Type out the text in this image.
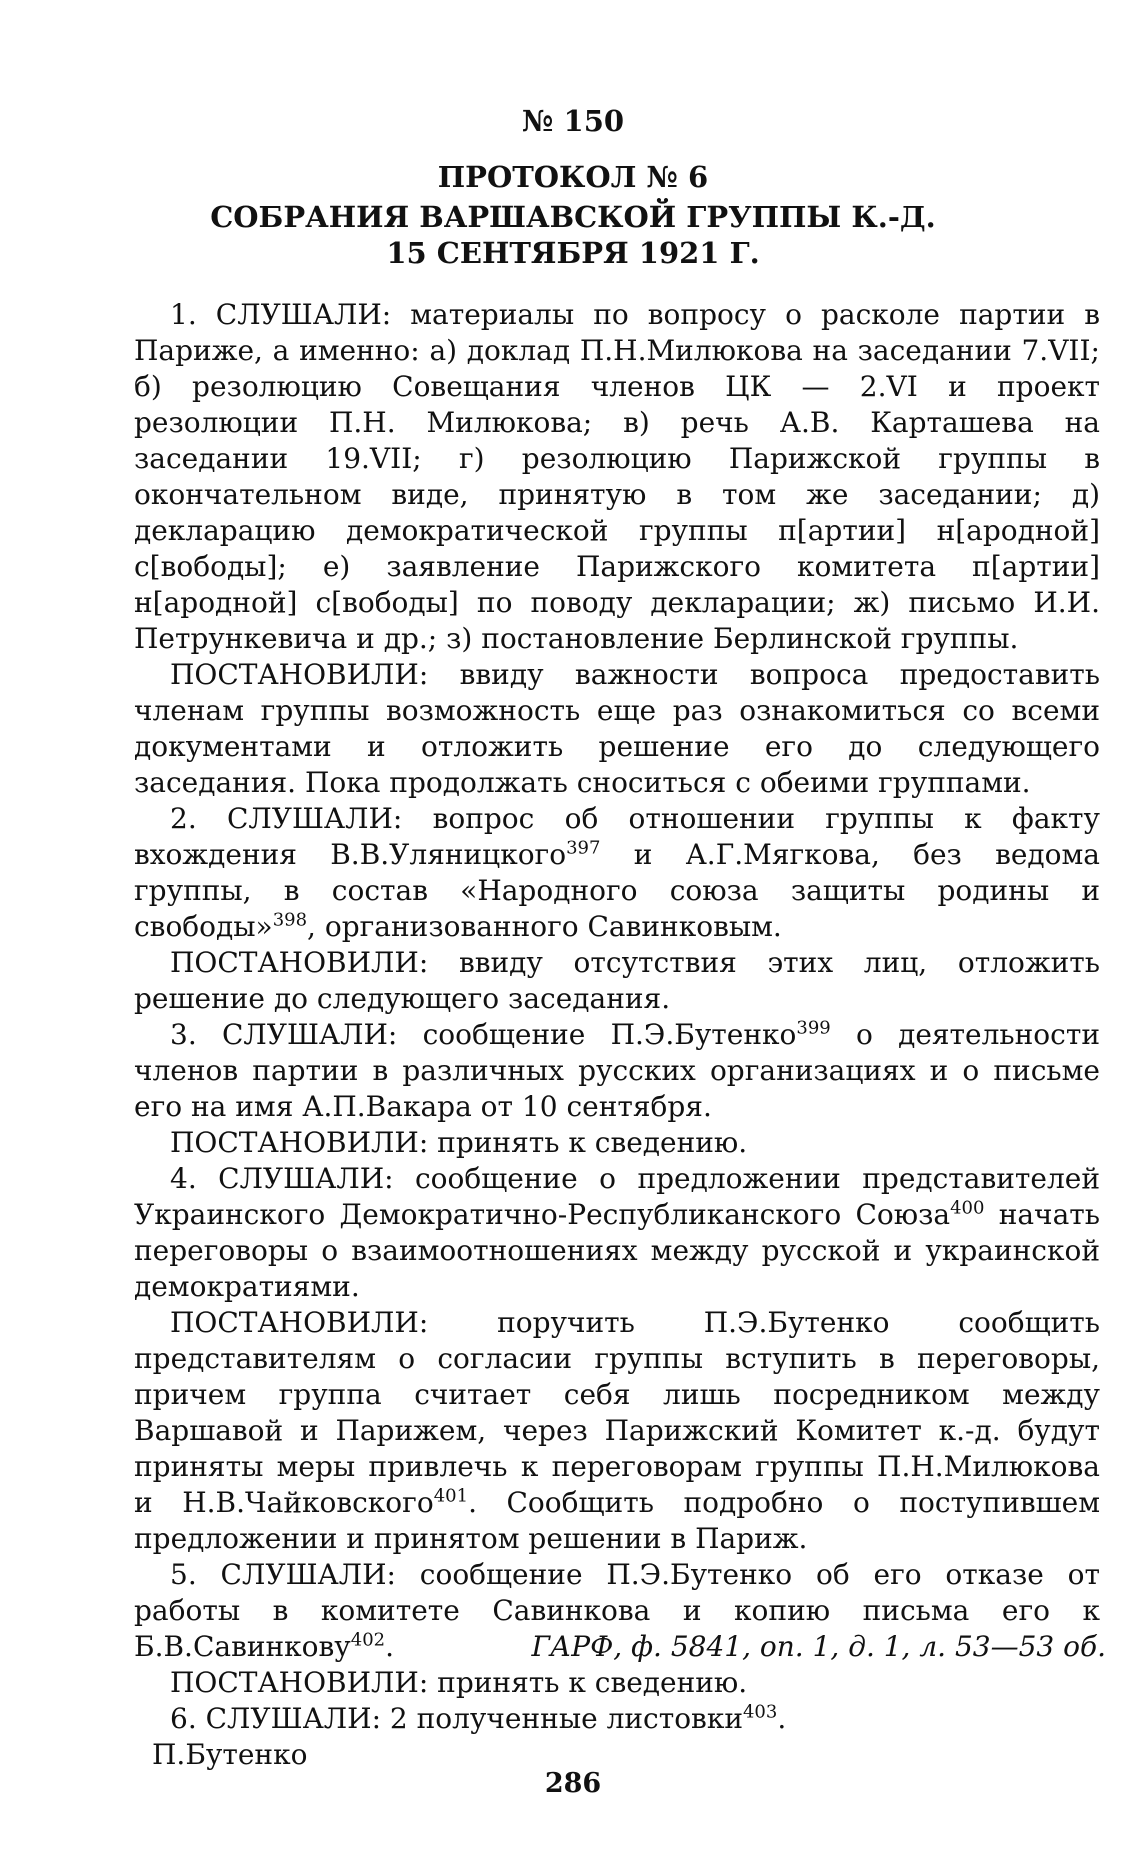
№ 150
ПРОТОКОЛ № 6
СОБРАНИЯ ВАРШАВСКОЙ ГРУППЫ К.-Д.
15 СЕНТЯБРЯ 1921 Г.

1. СЛУШАЛИ: материалы по вопросу о расколе партии в Париже, а именно: а) доклад П.Н.Милюкова на заседании 7.VII; б) резолюцию Совещания членов ЦК — 2.VI и проект резолюции П.Н. Милюкова; в) речь А.В. Карташева на заседании 19.VII; г) резолюцию Парижской группы в окончательном виде, принятую в том же заседании; д) декларацию демократической группы п[артии] н[ародной] с[вободы]; е) заявление Парижского комитета п[артии] н[ародной] с[вободы] по поводу декларации; ж) письмо И.И. Петрункевича и др.; з) постановление Берлинской группы.

ПОСТАНОВИЛИ: ввиду важности вопроса предоставить членам группы возможность еще раз ознакомиться со всеми документами и отложить решение его до следующего заседания. Пока продолжать сноситься с обеими группами.

2. СЛУШАЛИ: вопрос об отношении группы к факту вхождения В.В.Уляницкого$^{397}$ и А.Г.Мягкова, без ведома группы, в состав «Народного союза защиты родины и свободы»$^{398}$, организованного Савинковым.

ПОСТАНОВИЛИ: ввиду отсутствия этих лиц, отложить решение до следующего заседания.

3. СЛУШАЛИ: сообщение П.Э.Бутенко$^{399}$ о деятельности членов партии в различных русских организациях и о письме его на имя А.П.Вакара от 10 сентября.

ПОСТАНОВИЛИ: принять к сведению.

4. СЛУШАЛИ: сообщение о предложении представителей Украинского Демократично-Республиканского Союза$^{400}$ начать переговоры о взаимоотношениях между русской и украинской демократиями.

ПОСТАНОВИЛИ: поручить П.Э.Бутенко сообщить представителям о согласии группы вступить в переговоры, причем группа считает себя лишь посредником между Варшавой и Парижем, через Парижский Комитет к.-д. будут приняты меры привлечь к переговорам группы П.Н.Милюкова и Н.В.Чайковского$^{401}$. Сообщить подробно о поступившем предложении и принятом решении в Париж.

5. СЛУШАЛИ: сообщение П.Э.Бутенко об его отказе от работы в комитете Савинкова и копию письма его к Б.В.Савинкову$^{402}$.

ПОСТАНОВИЛИ: принять к сведению.

6. СЛУШАЛИ: 2 полученные листовки$^{403}$.

П.Бутенко

ГАРФ, ф. 5841, оп. 1, д. 1, л. 53—53 об.
286
